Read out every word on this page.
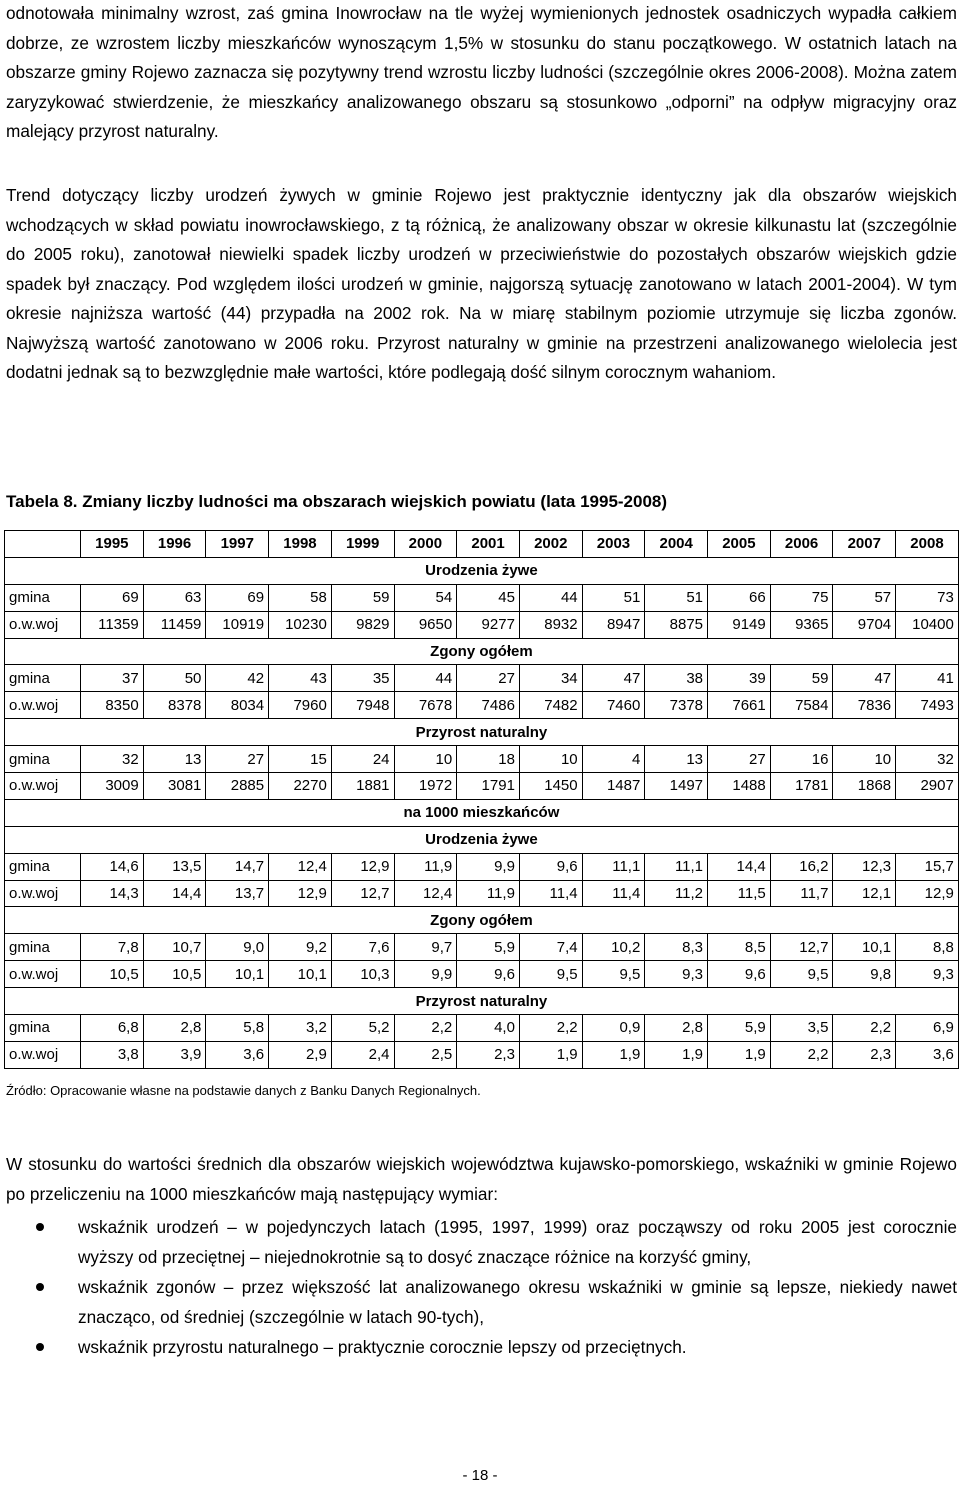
odnotowała minimalny wzrost, zaś gmina Inowrocław na tle wyżej wymienionych jednostek osadniczych wypadła całkiem dobrze, ze wzrostem liczby mieszkańców wynoszącym 1,5% w stosunku do stanu początkowego. W ostatnich latach na obszarze gminy Rojewo zaznacza się pozytywny trend wzrostu liczby ludności (szczególnie okres 2006-2008). Można zatem zaryzykować stwierdzenie, że mieszkańcy analizowanego obszaru są stosunkowo „odporni” na odpływ migracyjny oraz malejący przyrost naturalny.

Trend dotyczący liczby urodzeń żywych w gminie Rojewo jest praktycznie identyczny jak dla obszarów wiejskich wchodzących w skład powiatu inowrocławskiego, z tą różnicą, że analizowany obszar w okresie kilkunastu lat (szczególnie do 2005 roku), zanotował niewielki spadek liczby urodzeń w przeciwieństwie do pozostałych obszarów wiejskich gdzie spadek był znaczący. Pod względem ilości urodzeń w gminie, najgorszą sytuację zanotowano w latach 2001-2004). W tym okresie najniższa wartość (44) przypadła na 2002 rok. Na w miarę stabilnym poziomie utrzymuje się liczba zgonów. Najwyższą wartość zanotowano w 2006 roku. Przyrost naturalny w gminie na przestrzeni analizowanego wielolecia jest dodatni jednak są to bezwzględnie małe wartości, które podlegają dość silnym corocznym wahaniom.

Tabela 8. Zmiany liczby ludności ma obszarach wiejskich powiatu (lata 1995-2008)

	1995	1996	1997	1998	1999	2000	2001	2002	2003	2004	2005	2006	2007	2008
Urodzenia żywe														
gmina	69	63	69	58	59	54	45	44	51	51	66	75	57	73
o.w.woj	11359	11459	10919	10230	9829	9650	9277	8932	8947	8875	9149	9365	9704	10400
Zgony ogółem														
gmina	37	50	42	43	35	44	27	34	47	38	39	59	47	41
o.w.woj	8350	8378	8034	7960	7948	7678	7486	7482	7460	7378	7661	7584	7836	7493
Przyrost naturalny														
gmina	32	13	27	15	24	10	18	10	4	13	27	16	10	32
o.w.woj	3009	3081	2885	2270	1881	1972	1791	1450	1487	1497	1488	1781	1868	2907
na 1000 mieszkańców														
Urodzenia żywe														
gmina	14,6	13,5	14,7	12,4	12,9	11,9	9,9	9,6	11,1	11,1	14,4	16,2	12,3	15,7
o.w.woj	14,3	14,4	13,7	12,9	12,7	12,4	11,9	11,4	11,4	11,2	11,5	11,7	12,1	12,9
Zgony ogółem														
gmina	7,8	10,7	9,0	9,2	7,6	9,7	5,9	7,4	10,2	8,3	8,5	12,7	10,1	8,8
o.w.woj	10,5	10,5	10,1	10,1	10,3	9,9	9,6	9,5	9,5	9,3	9,6	9,5	9,8	9,3
Przyrost naturalny														
gmina	6,8	2,8	5,8	3,2	5,2	2,2	4,0	2,2	0,9	2,8	5,9	3,5	2,2	6,9
o.w.woj	3,8	3,9	3,6	2,9	2,4	2,5	2,3	1,9	1,9	1,9	1,9	2,2	2,3	3,6

Źródło: Opracowanie własne na podstawie danych z Banku Danych Regionalnych.

W stosunku do wartości średnich dla obszarów wiejskich województwa kujawsko-pomorskiego, wskaźniki w gminie Rojewo po przeliczeniu na 1000 mieszkańców mają następujący wymiar:

wskaźnik urodzeń – w pojedynczych latach (1995, 1997, 1999) oraz począwszy od roku 2005 jest corocznie wyższy od przeciętnej – niejednokrotnie są to dosyć znaczące różnice na korzyść gminy,
wskaźnik zgonów – przez większość lat analizowanego okresu wskaźniki w gminie są lepsze, niekiedy nawet znacząco, od średniej (szczególnie w latach 90-tych),
wskaźnik przyrostu naturalnego – praktycznie corocznie lepszy od przeciętnych.
- 18 -
